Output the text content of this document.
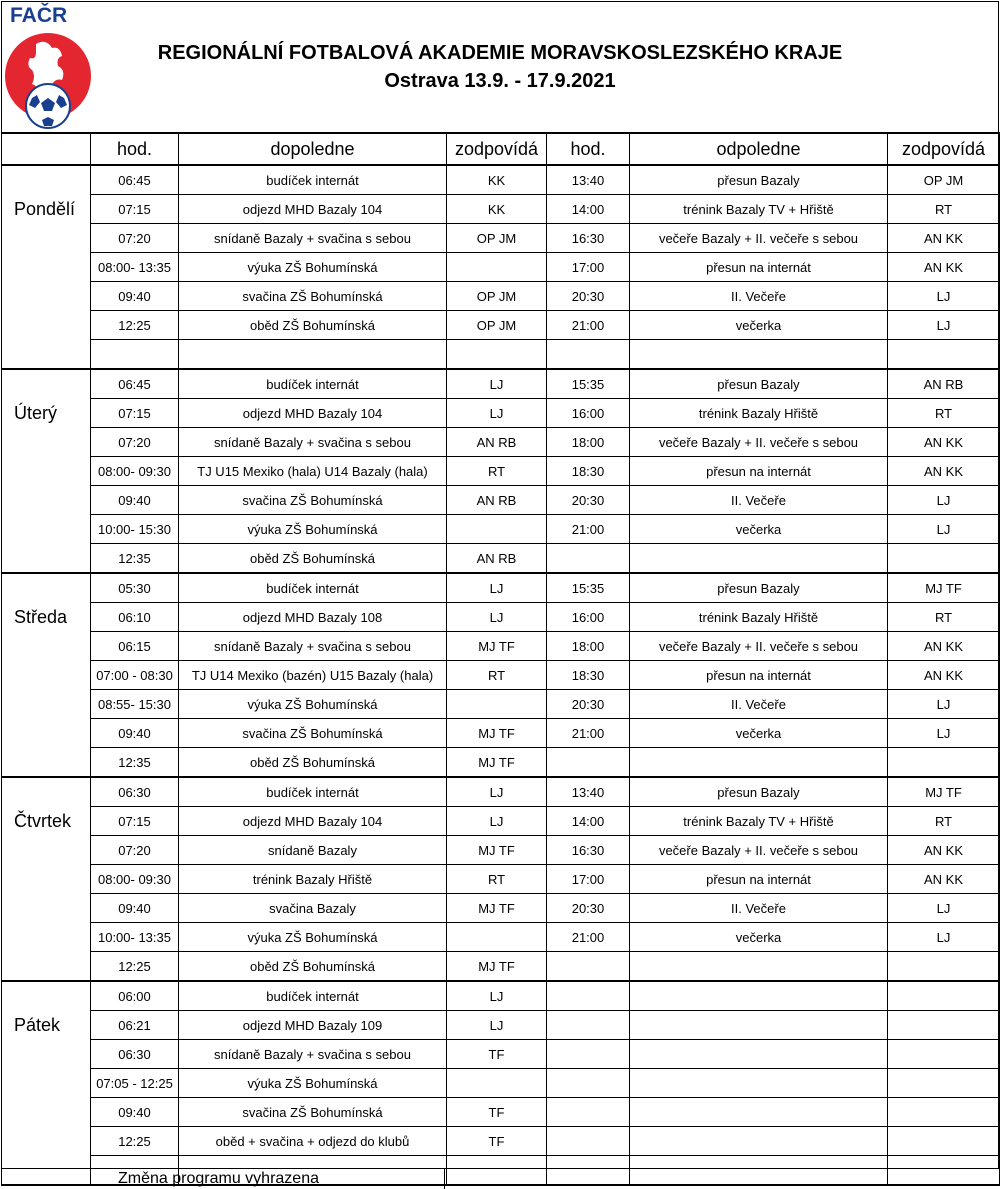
FAČR
REGIONÁLNÍ FOTBALOVÁ AKADEMIE MORAVSKOSLEZSKÉHO KRAJE
Ostrava 13.9. - 17.9.2021
	hod.	dopoledne	zodpovídá	hod.	odpoledne	zodpovídá
	06:45	budíček internát	KK	13:40	přesun Bazaly	OP JM
Pondělí	07:15	odjezd MHD Bazaly 104	KK	14:00	trénink Bazaly TV + Hřiště	RT
	07:20	snídaně Bazaly + svačina s sebou	OP JM	16:30	večeře Bazaly + II. večeře s sebou	AN KK
	08:00- 13:35	výuka ZŠ Bohumínská		17:00	přesun na internát	AN KK
	09:40	svačina ZŠ Bohumínská	OP JM	20:30	II. Večeře	LJ
	12:25	oběd ZŠ Bohumínská	OP JM	21:00	večerka	LJ

	06:45	budíček internát	LJ	15:35	přesun Bazaly	AN RB
Úterý	07:15	odjezd MHD Bazaly 104	LJ	16:00	trénink Bazaly Hřiště	RT
	07:20	snídaně Bazaly + svačina s sebou	AN RB	18:00	večeře Bazaly + II. večeře s sebou	AN KK
	08:00- 09:30	TJ U15 Mexiko (hala) U14 Bazaly (hala)	RT	18:30	přesun na internát	AN KK
	09:40	svačina ZŠ Bohumínská	AN RB	20:30	II. Večeře	LJ
	10:00- 15:30	výuka ZŠ Bohumínská		21:00	večerka	LJ
	12:35	oběd ZŠ Bohumínská	AN RB			
	05:30	budíček internát	LJ	15:35	přesun Bazaly	MJ TF
Středa	06:10	odjezd MHD Bazaly 108	LJ	16:00	trénink Bazaly Hřiště	RT
	06:15	snídaně Bazaly + svačina s sebou	MJ TF	18:00	večeře Bazaly + II. večeře s sebou	AN KK
	07:00 - 08:30	TJ U14 Mexiko (bazén) U15 Bazaly (hala)	RT	18:30	přesun na internát	AN KK
	08:55- 15:30	výuka ZŠ Bohumínská		20:30	II. Večeře	LJ
	09:40	svačina ZŠ Bohumínská	MJ TF	21:00	večerka	LJ
	12:35	oběd ZŠ Bohumínská	MJ TF			
	06:30	budíček internát	LJ	13:40	přesun Bazaly	MJ TF
Čtvrtek	07:15	odjezd MHD Bazaly 104	LJ	14:00	trénink Bazaly TV + Hřiště	RT
	07:20	snídaně Bazaly	MJ TF	16:30	večeře Bazaly + II. večeře s sebou	AN KK
	08:00- 09:30	trénink Bazaly Hřiště	RT	17:00	přesun na internát	AN KK
	09:40	svačina Bazaly	MJ TF	20:30	II. Večeře	LJ
	10:00- 13:35	výuka ZŠ Bohumínská		21:00	večerka	LJ
	12:25	oběd ZŠ Bohumínská	MJ TF			
	06:00	budíček internát	LJ			
Pátek	06:21	odjezd MHD Bazaly 109	LJ			
	06:30	snídaně Bazaly + svačina s sebou	TF			
	07:05 - 12:25	výuka ZŠ Bohumínská				
	09:40	svačina ZŠ Bohumínská	TF			
	12:25	oběd + svačina + odjezd do klubů	TF			

Změna programu vyhrazena
